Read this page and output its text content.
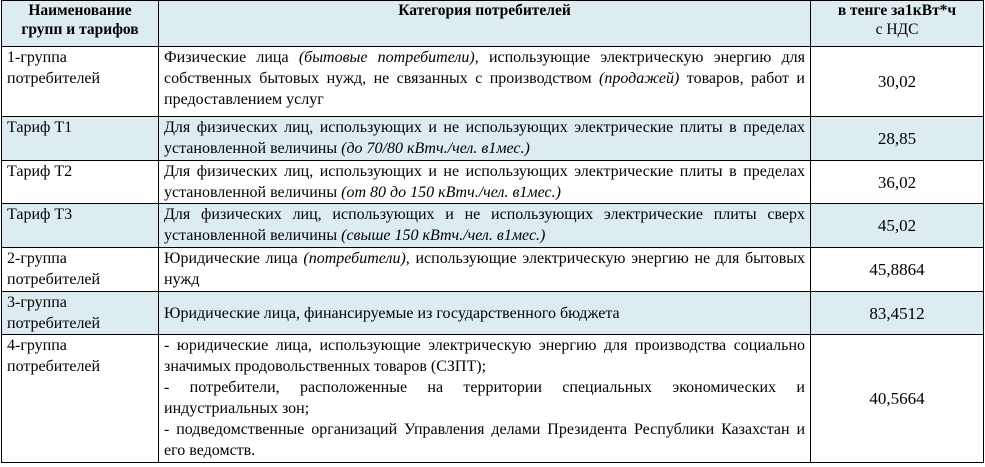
Наименование групп и тарифов	Категория потребителей	в тенге за1кВт*ч
с НДС
1-группа потребителей	Физические лица (бытовые потребители), использующие электрическую энергию для собственных бытовых нужд, не связанных с производством (продажей) товаров, работ и предоставлением услуг	30,02
Тариф Т1	Для физических лиц, использующих и не использующих электрические плиты в пределах установленной величины (до 70/80 кВтч./чел. в1мес.)	28,85
Тариф Т2	Для физических лиц, использующих и не использующих электрические плиты в пределах установленной величины (от 80 до 150 кВтч./чел. в1мес.)	36,02
Тариф Т3	Для физических лиц, использующих и не использующих электрические плиты сверх установленной величины (свыше 150 кВтч./чел. в1мес.)	45,02
2-группа потребителей	Юридические лица (потребители), использующие электрическую энергию не для бытовых нужд	45,8864
3-группа потребителей	Юридические лица, финансируемые из государственного бюджета	83,4512
4-группа потребителей	- юридические лица, использующие электрическую энергию для производства социально значимых продовольственных товаров (СЗПТ);
- потребители, расположенные на территории специальных экономических и индустриальных зон;
- подведомственные организаций Управления делами Президента Республики Казахстан и его ведомств.	40,5664
